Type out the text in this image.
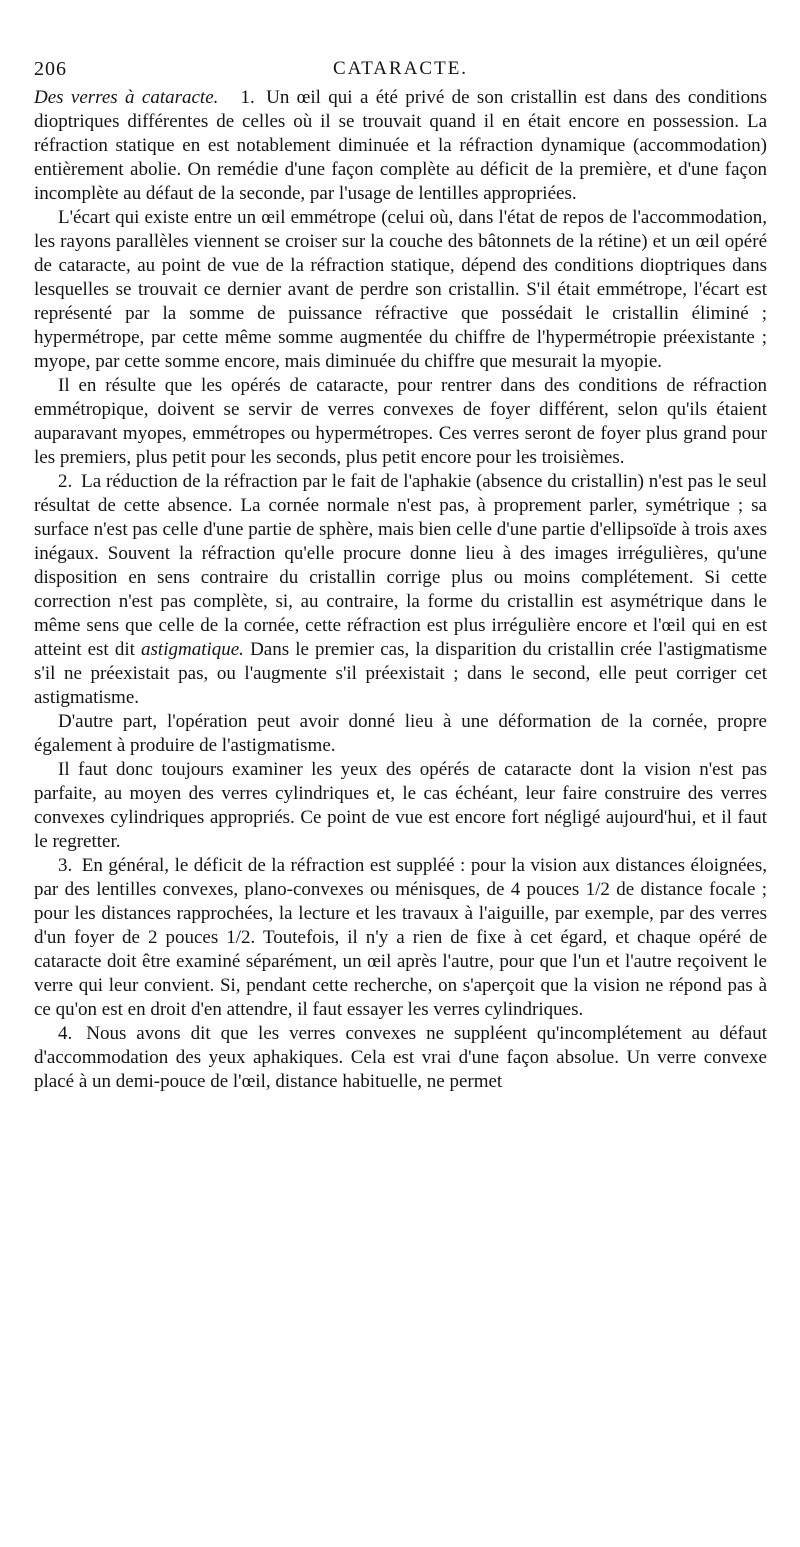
206	CATARACTE.

Des verres à cataracte. 1. Un œil qui a été privé de son cristallin est dans des conditions dioptriques différentes de celles où il se trouvait quand il en était encore en possession. La réfraction statique en est notablement diminuée et la réfraction dynamique (accommodation) entièrement abolie. On remédie d'une façon complète au déficit de la première, et d'une façon incomplète au défaut de la seconde, par l'usage de lentilles appropriées.

L'écart qui existe entre un œil emmétrope (celui où, dans l'état de repos de l'accommodation, les rayons parallèles viennent se croiser sur la couche des bâtonnets de la rétine) et un œil opéré de cataracte, au point de vue de la réfraction statique, dépend des conditions dioptriques dans lesquelles se trouvait ce dernier avant de perdre son cristallin. S'il était emmétrope, l'écart est représenté par la somme de puissance réfractive que possédait le cristallin éliminé ; hypermétrope, par cette même somme augmentée du chiffre de l'hypermétropie préexistante ; myope, par cette somme encore, mais diminuée du chiffre que mesurait la myopie.

Il en résulte que les opérés de cataracte, pour rentrer dans des conditions de réfraction emmétropique, doivent se servir de verres convexes de foyer différent, selon qu'ils étaient auparavant myopes, emmétropes ou hypermétropes. Ces verres seront de foyer plus grand pour les premiers, plus petit pour les seconds, plus petit encore pour les troisièmes.

2. La réduction de la réfraction par le fait de l'aphakie (absence du cristallin) n'est pas le seul résultat de cette absence. La cornée normale n'est pas, à proprement parler, symétrique ; sa surface n'est pas celle d'une partie de sphère, mais bien celle d'une partie d'ellipsoïde à trois axes inégaux. Souvent la réfraction qu'elle procure donne lieu à des images irrégulières, qu'une disposition en sens contraire du cristallin corrige plus ou moins complétement. Si cette correction n'est pas complète, si, au contraire, la forme du cristallin est asymétrique dans le même sens que celle de la cornée, cette réfraction est plus irrégulière encore et l'œil qui en est atteint est dit astigmatique. Dans le premier cas, la disparition du cristallin crée l'astigmatisme s'il ne préexistait pas, ou l'augmente s'il préexistait ; dans le second, elle peut corriger cet astigmatisme.

D'autre part, l'opération peut avoir donné lieu à une déformation de la cornée, propre également à produire de l'astigmatisme.

Il faut donc toujours examiner les yeux des opérés de cataracte dont la vision n'est pas parfaite, au moyen des verres cylindriques et, le cas échéant, leur faire construire des verres convexes cylindriques appropriés. Ce point de vue est encore fort négligé aujourd'hui, et il faut le regretter.

3. En général, le déficit de la réfraction est suppléé : pour la vision aux distances éloignées, par des lentilles convexes, plano-convexes ou ménisques, de 4 pouces 1/2 de distance focale ; pour les distances rapprochées, la lecture et les travaux à l'aiguille, par exemple, par des verres d'un foyer de 2 pouces 1/2. Toutefois, il n'y a rien de fixe à cet égard, et chaque opéré de cataracte doit être examiné séparément, un œil après l'autre, pour que l'un et l'autre reçoivent le verre qui leur convient. Si, pendant cette recherche, on s'aperçoit que la vision ne répond pas à ce qu'on est en droit d'en attendre, il faut essayer les verres cylindriques.

4. Nous avons dit que les verres convexes ne suppléent qu'incomplétement au défaut d'accommodation des yeux aphakiques. Cela est vrai d'une façon absolue. Un verre convexe placé à un demi-pouce de l'œil, distance habituelle, ne permet
